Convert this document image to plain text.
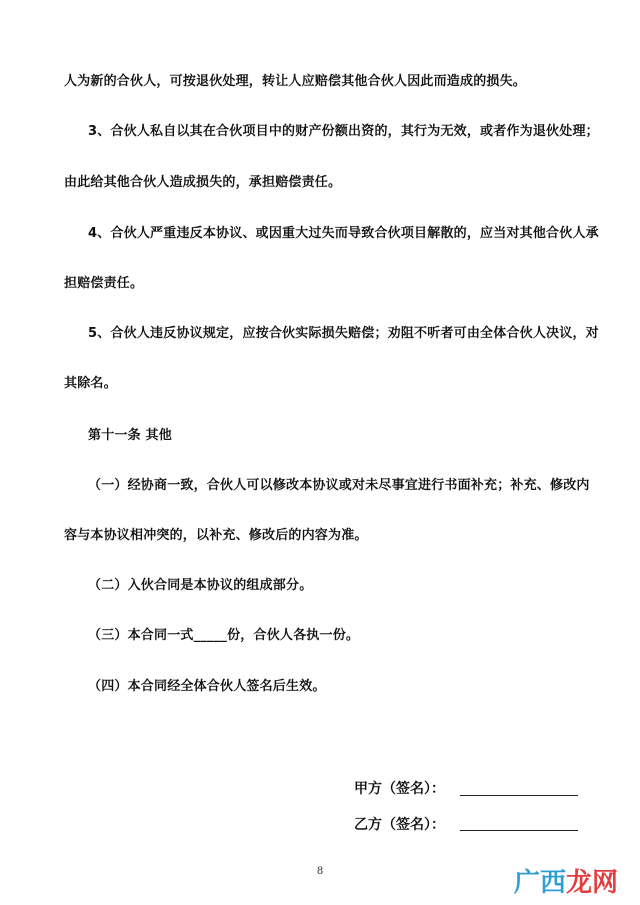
人为新的合伙人，可按退伙处理，转让人应赔偿其他合伙人因此而造成的损失。
3、合伙人私自以其在合伙项目中的财产份额出资的，其行为无效，或者作为退伙处理；
由此给其他合伙人造成损失的，承担赔偿责任。
4、合伙人严重违反本协议、或因重大过失而导致合伙项目解散的，应当对其他合伙人承
担赔偿责任。
5、合伙人违反协议规定，应按合伙实际损失赔偿；劝阻不听者可由全体合伙人决议，对
其除名。
第十一条 其他
（一）经协商一致，合伙人可以修改本协议或对未尽事宜进行书面补充；补充、修改内
容与本协议相冲突的，以补充、修改后的内容为准。
（二）入伙合同是本协议的组成部分。
（三）本合同一式_____份，合伙人各执一份。
（四）本合同经全体合伙人签名后生效。
甲方（签名）：
乙方（签名）：
8	广西龙网
